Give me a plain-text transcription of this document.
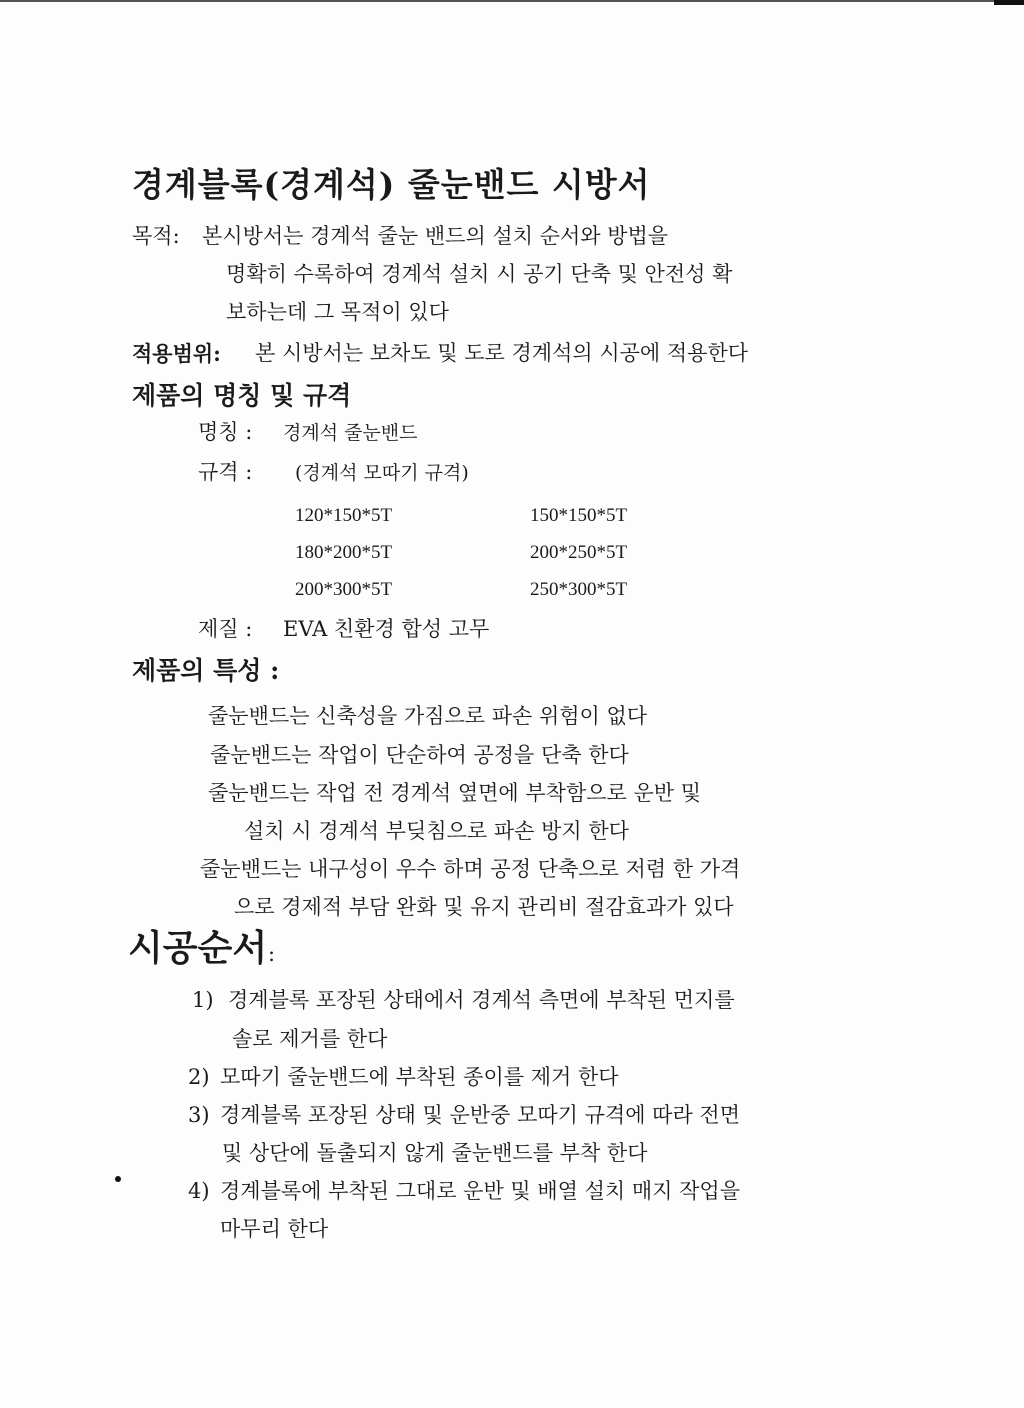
경계블록(경계석) 줄눈밴드 시방서
목적: 본시방서는 경계석 줄눈 밴드의 설치 순서와 방법을
명확히 수록하여 경계석 설치 시 공기 단축 및 안전성 확
보하는데 그 목적이 있다
적용범위: 본 시방서는 보차도 및 도로 경계석의 시공에 적용한다
제품의 명칭 및 규격
명칭 : 경계석 줄눈밴드
규격 : (경계석 모따기 규격)
120*150*5T	150*150*5T
180*200*5T	200*250*5T
200*300*5T	250*300*5T
제질 : EVA 친환경 합성 고무
제품의 특성 :
줄눈밴드는 신축성을 가짐으로 파손 위험이 없다
줄눈밴드는 작업이 단순하여 공정을 단축 한다
줄눈밴드는 작업 전 경계석 옆면에 부착함으로 운반 및
설치 시 경계석 부딪침으로 파손 방지 한다
줄눈밴드는 내구성이 우수 하며 공정 단축으로 저렴 한 가격
으로 경제적 부담 완화 및 유지 관리비 절감효과가 있다
시공순서 :
1) 경계블록 포장된 상태에서 경계석 측면에 부착된 먼지를
솔로 제거를 한다
2) 모따기 줄눈밴드에 부착된 종이를 제거 한다
3) 경계블록 포장된 상태 및 운반중 모따기 규격에 따라 전면
및 상단에 돌출되지 않게 줄눈밴드를 부착 한다
4) 경계블록에 부착된 그대로 운반 및 배열 설치 매지 작업을
마무리 한다
